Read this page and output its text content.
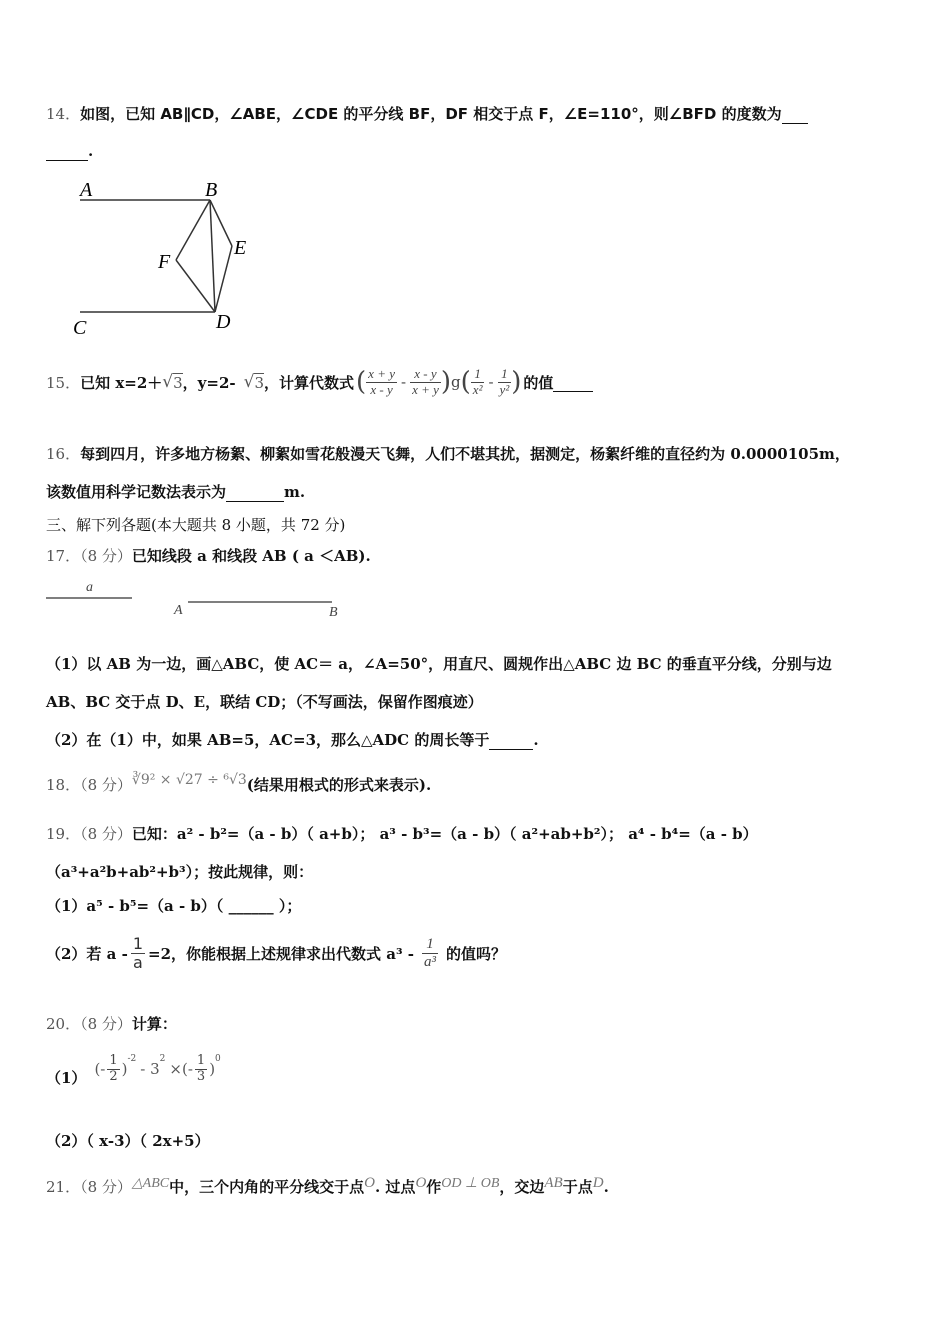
14．如图，已知 AB∥CD，∠ABE，∠CDE 的平分线 BF，DF 相交于点 F，∠E=110°，则∠BFD 的度数为
.
A	B
C	D
E
F
15． 已知 x=2＋ √ 3 ，y=2- √ 3 ，计算代数式 ( $\frac{x + y}{x - y} - \frac{x - y}{x + y}$ ) g ( $\frac{1}{\text{x²}} - \frac{1}{\text{y²}}$ ) 的值

16．每到四月，许多地方杨絮、柳絮如雪花般漫天飞舞，人们不堪其扰，据测定，杨絮纤维的直径约为 0.0000105m，
该数值用科学记数法表示为	m.
三、解下列各题(本大题共 8 小题，共 72 分)
17．（8 分）已知线段 a 和线段 AB ( a ＜AB).
a
A	B
（1）以 AB 为一边，画△ABC，使 AC＝ a，∠A=50°，用直尺、圆规作出△ABC 边 BC 的垂直平分线，分别与边
AB、BC 交于点 D、E，联结 CD；（不写画法，保留作图痕迹）
（2）在（1）中，如果 AB=5，AC=3，那么△ADC 的周长等于	.
18．（8 分）∛9² × √27 ÷ ⁶√3(结果用根式的形式来表示).
19．（8 分）已知：a² - b²=（a - b）（ a+b）； a³ - b³=（a - b）（ a²+ab+b²）； a⁴ - b⁴=（a - b）
（a³+a²b+ab²+b³）；按此规律，则：
（1）a⁵ - b⁵=（a - b）（ ______ ）；
（2）若 $a - \frac{1}{a} =2$，你能根据上述规律求出代数式 $a^3 - \frac{1}{\text{a³}}$ 的值吗？
20．（8 分）计算：
（1） (- $\frac{1}{2}$ )
$^{-2}$
- 3
$^2$
×(- $\frac{1}{3}$ )
$^0$
（2）（ x-3）（ 2x+5）
21．（8 分）△ABC中，三个内角的平分线交于点O. 过点O作OD ⊥ OB，交边AB于点D.
